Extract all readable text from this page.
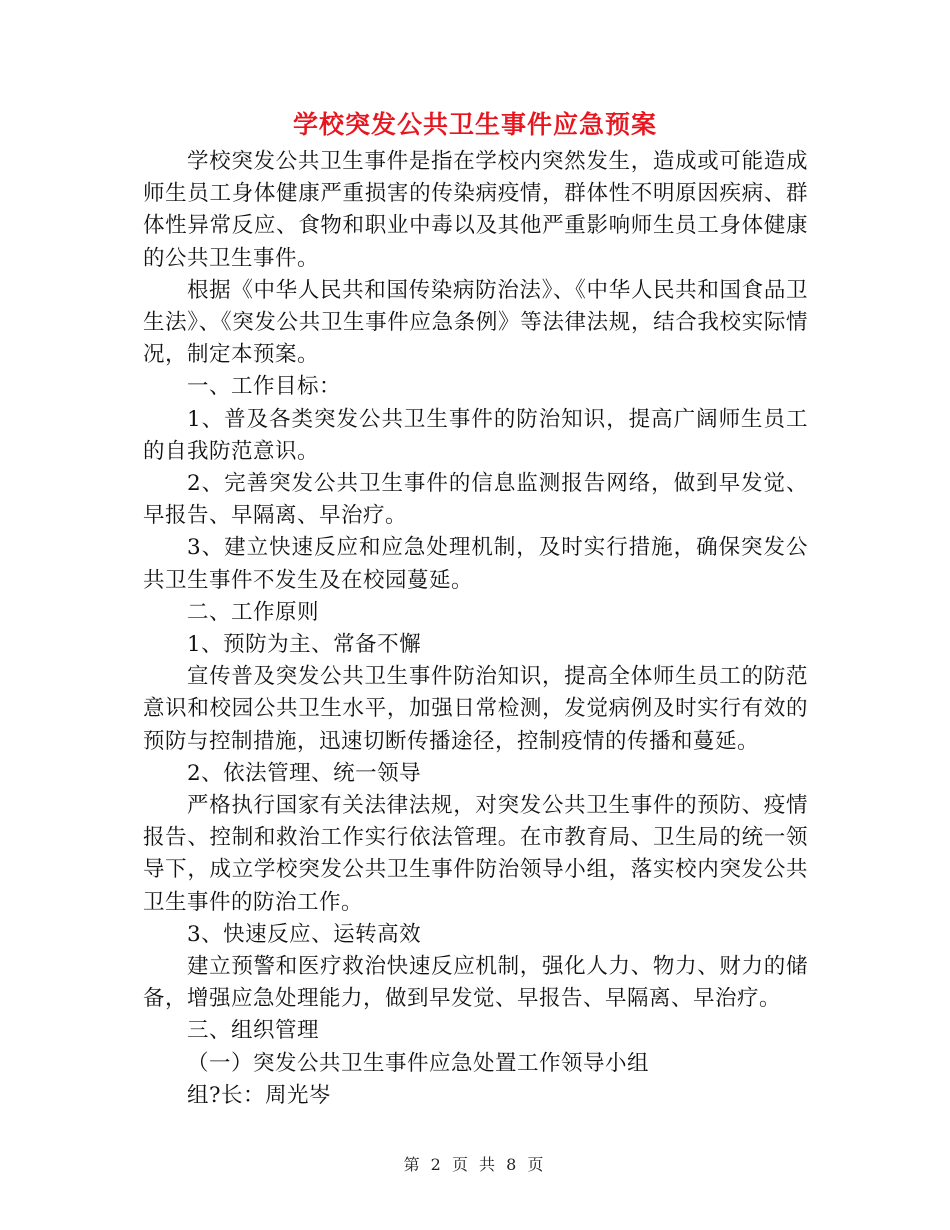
学校突发公共卫生事件应急预案

学校突发公共卫生事件是指在学校内突然发生，造成或可能造成师生员工身体健康严重损害的传染病疫情，群体性不明原因疾病、群体性异常反应、食物和职业中毒以及其他严重影响师生员工身体健康的公共卫生事件。

根据《中华人民共和国传染病防治法》、《中华人民共和国食品卫生法》、《突发公共卫生事件应急条例》等法律法规，结合我校实际情况，制定本预案。

一、工作目标：

1、普及各类突发公共卫生事件的防治知识，提高广阔师生员工的自我防范意识。

2、完善突发公共卫生事件的信息监测报告网络，做到早发觉、早报告、早隔离、早治疗。

3、建立快速反应和应急处理机制，及时实行措施，确保突发公共卫生事件不发生及在校园蔓延。

二、工作原则

1、预防为主、常备不懈

宣传普及突发公共卫生事件防治知识，提高全体师生员工的防范意识和校园公共卫生水平，加强日常检测，发觉病例及时实行有效的预防与控制措施，迅速切断传播途径，控制疫情的传播和蔓延。

2、依法管理、统一领导

严格执行国家有关法律法规，对突发公共卫生事件的预防、疫情报告、控制和救治工作实行依法管理。在市教育局、卫生局的统一领导下，成立学校突发公共卫生事件防治领导小组，落实校内突发公共卫生事件的防治工作。

3、快速反应、运转高效

建立预警和医疗救治快速反应机制，强化人力、物力、财力的储备，增强应急处理能力，做到早发觉、早报告、早隔离、早治疗。

三、组织管理

（一）突发公共卫生事件应急处置工作领导小组

组?长：周光岑

第 2 页 共 8 页
